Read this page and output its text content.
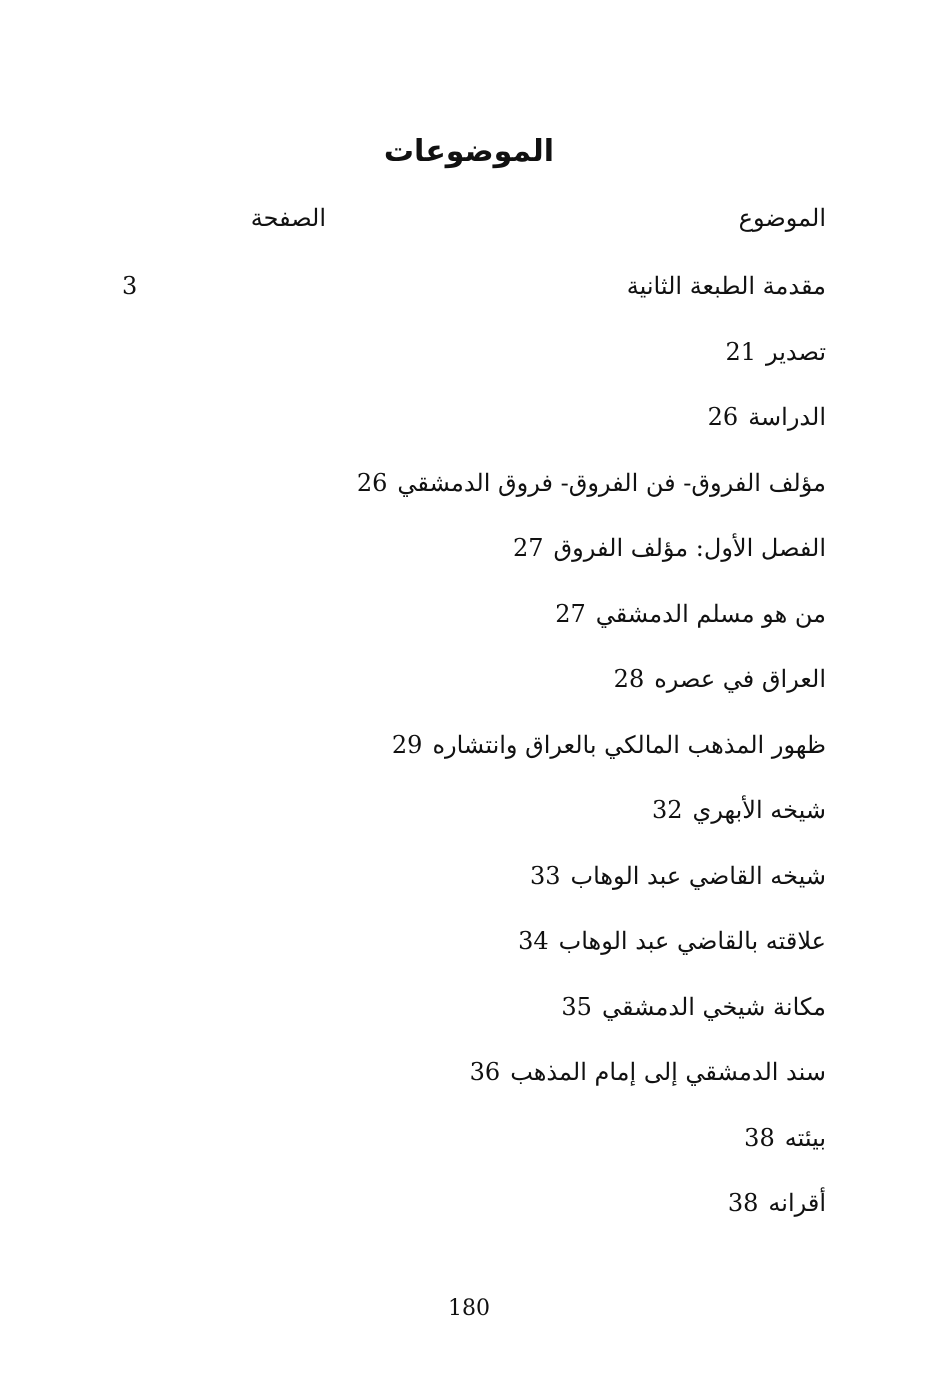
الموضوعات
الموضوع
الصفحة
مقدمة الطبعة الثانية
3
تصدير21
الدراسة26
مؤلف الفروق- فن الفروق- فروق الدمشقي26
الفصل الأول: مؤلف الفروق27
من هو مسلم الدمشقي27
العراق في عصره28
ظهور المذهب المالكي بالعراق وانتشاره29
شيخه الأبهري32
شيخه القاضي عبد الوهاب33
علاقته بالقاضي عبد الوهاب34
مكانة شيخي الدمشقي35
سند الدمشقي إلى إمام المذهب36
بيئته38
أقرانه38
180
